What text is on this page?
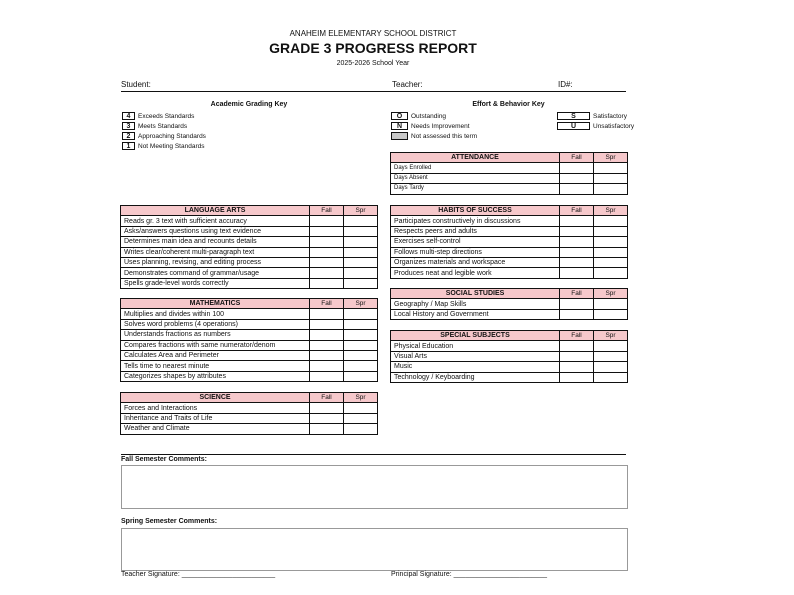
ANAHEIM ELEMENTARY SCHOOL DISTRICT
GRADE 3 PROGRESS REPORT
2025-2026 School Year
Student:	Teacher:	ID#:
Academic Grading Key
4	Exceeds Standards
3	Meets Standards
2	Approaching Standards
1	Not Meeting Standards
Effort & Behavior Key
O	Outstanding
N	Needs Improvement
Not assessed this term
S	Satisfactory
U	Unsatisfactory
ATTENDANCE	Fall	Spr
Days Enrolled		
Days Absent		
Days Tardy		
LANGUAGE ARTS	Fall	Spr
Reads gr. 3 text with sufficient accuracy		
Asks/answers questions using text evidence		
Determines main idea and recounts details		
Writes clear/coherent multi-paragraph text		
Uses planning, revising, and editing process		
Demonstrates command of grammar/usage		
Spells grade-level words correctly		
HABITS OF SUCCESS	Fall	Spr
Participates constructively in discussions		
Respects peers and adults		
Exercises self-control		
Follows multi-step directions		
Organizes materials and workspace		
Produces neat and legible work		
SOCIAL STUDIES	Fall	Spr
Geography / Map Skills		
Local History and Government		
MATHEMATICS	Fall	Spr
Multiplies and divides within 100		
Solves word problems (4 operations)		
Understands fractions as numbers		
Compares fractions with same numerator/denom		
Calculates Area and Perimeter		
Tells time to nearest minute		
Categorizes shapes by attributes		
SPECIAL SUBJECTS	Fall	Spr
Physical Education		
Visual Arts		
Music		
Technology / Keyboarding		
SCIENCE	Fall	Spr
Forces and Interactions		
Inheritance and Traits of Life		
Weather and Climate		
Fall Semester Comments:
Spring Semester Comments:
Teacher Signature: ________________________	Principal Signature: ________________________
